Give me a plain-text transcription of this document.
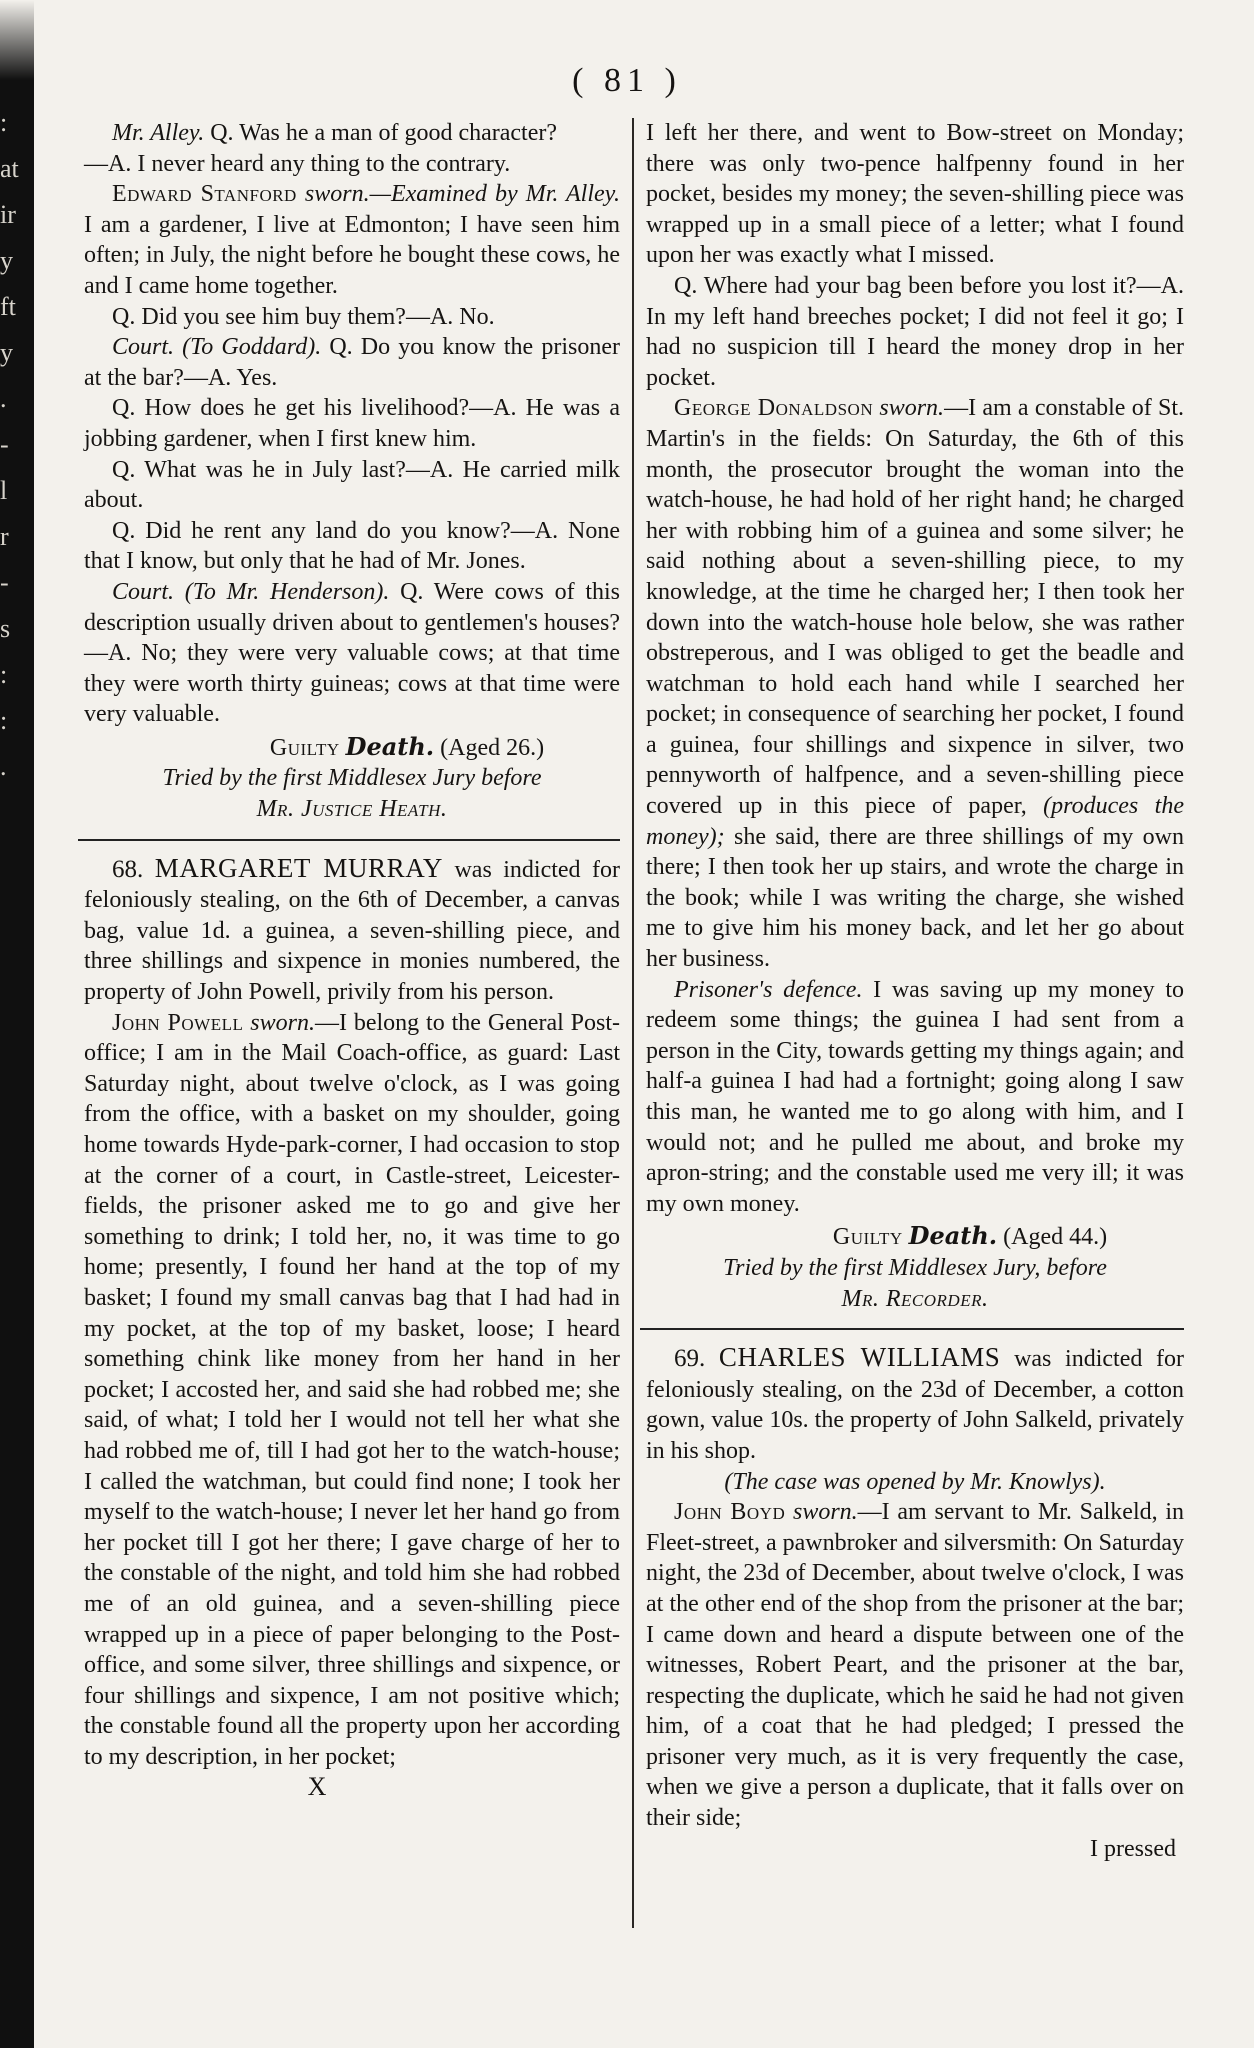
:
at
ir
y
ft
y
.
-
l
r
-
s
:
:
.
( 81 )

Mr. Alley. Q. Was he a man of good character?

—A. I never heard any thing to the contrary.

Edward Stanford sworn.—Examined by Mr. Alley. I am a gardener, I live at Edmonton; I have seen him often; in July, the night before he bought these cows, he and I came home together.

Q. Did you see him buy them?—A. No.

Court. (To Goddard). Q. Do you know the prisoner at the bar?—A. Yes.

Q. How does he get his livelihood?—A. He was a jobbing gardener, when I first knew him.

Q. What was he in July last?—A. He carried milk about.

Q. Did he rent any land do you know?—A. None that I know, but only that he had of Mr. Jones.

Court. (To Mr. Henderson). Q. Were cows of this description usually driven about to gentlemen's houses?—A. No; they were very valuable cows; at that time they were worth thirty guineas; cows at that time were very valuable.

Guilty Death. (Aged 26.)

Tried by the first Middlesex Jury before

Mr. Justice Heath.

68. MARGARET MURRAY was indicted for feloniously stealing, on the 6th of December, a canvas bag, value 1d. a guinea, a seven-shilling piece, and three shillings and sixpence in monies numbered, the property of John Powell, privily from his person.

John Powell sworn.—I belong to the General Post-office; I am in the Mail Coach-office, as guard: Last Saturday night, about twelve o'clock, as I was going from the office, with a basket on my shoulder, going home towards Hyde-park-corner, I had occasion to stop at the corner of a court, in Castle-street, Leicester-fields, the prisoner asked me to go and give her something to drink; I told her, no, it was time to go home; presently, I found her hand at the top of my basket; I found my small canvas bag that I had had in my pocket, at the top of my basket, loose; I heard something chink like money from her hand in her pocket; I accosted her, and said she had robbed me; she said, of what; I told her I would not tell her what she had robbed me of, till I had got her to the watch-house; I called the watchman, but could find none; I took her myself to the watch-house; I never let her hand go from her pocket till I got her there; I gave charge of her to the constable of the night, and told him she had robbed me of an old guinea, and a seven-shilling piece wrapped up in a piece of paper belonging to the Post-office, and some silver, three shillings and sixpence, or four shillings and sixpence, I am not positive which; the constable found all the property upon her according to my description, in her pocket;

X

I left her there, and went to Bow-street on Monday; there was only two-pence halfpenny found in her pocket, besides my money; the seven-shilling piece was wrapped up in a small piece of a letter; what I found upon her was exactly what I missed.

Q. Where had your bag been before you lost it?—A. In my left hand breeches pocket; I did not feel it go; I had no suspicion till I heard the money drop in her pocket.

George Donaldson sworn.—I am a constable of St. Martin's in the fields: On Saturday, the 6th of this month, the prosecutor brought the woman into the watch-house, he had hold of her right hand; he charged her with robbing him of a guinea and some silver; he said nothing about a seven-shilling piece, to my knowledge, at the time he charged her; I then took her down into the watch-house hole below, she was rather obstreperous, and I was obliged to get the beadle and watchman to hold each hand while I searched her pocket; in consequence of searching her pocket, I found a guinea, four shillings and sixpence in silver, two pennyworth of halfpence, and a seven-shilling piece covered up in this piece of paper, (produces the money); she said, there are three shillings of my own there; I then took her up stairs, and wrote the charge in the book; while I was writing the charge, she wished me to give him his money back, and let her go about her business.

Prisoner's defence. I was saving up my money to redeem some things; the guinea I had sent from a person in the City, towards getting my things again; and half-a guinea I had had a fortnight; going along I saw this man, he wanted me to go along with him, and I would not; and he pulled me about, and broke my apron-string; and the constable used me very ill; it was my own money.

Guilty Death. (Aged 44.)

Tried by the first Middlesex Jury, before

Mr. Recorder.

69. CHARLES WILLIAMS was indicted for feloniously stealing, on the 23d of December, a cotton gown, value 10s. the property of John Salkeld, privately in his shop.

(The case was opened by Mr. Knowlys).

John Boyd sworn.—I am servant to Mr. Salkeld, in Fleet-street, a pawnbroker and silversmith: On Saturday night, the 23d of December, about twelve o'clock, I was at the other end of the shop from the prisoner at the bar; I came down and heard a dispute between one of the witnesses, Robert Peart, and the prisoner at the bar, respecting the duplicate, which he said he had not given him, of a coat that he had pledged; I pressed the prisoner very much, as it is very frequently the case, when we give a person a duplicate, that it falls over on their side;

I pressed
